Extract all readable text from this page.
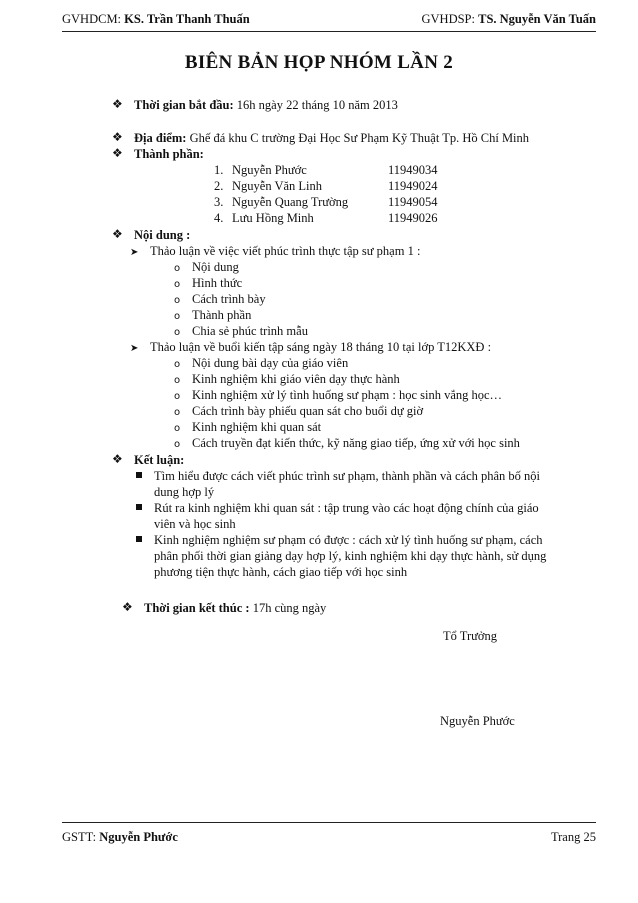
GVHDCM: KS. Trần Thanh Thuấn	GVHDSP: TS. Nguyễn Văn Tuấn
BIÊN BẢN HỌP NHÓM LẦN 2
❖Thời gian bắt đầu: 16h ngày 22 tháng 10 năm 2013
❖Địa điểm: Ghế đá khu C trường Đại Học Sư Phạm Kỹ Thuật Tp. Hồ Chí Minh
❖Thành phần:
1. Nguyễn Phước	11949034
2. Nguyễn Văn Linh	11949024
3. Nguyễn Quang Trường	11949054
4. Lưu Hồng Minh	11949026
❖Nội dung :
➤ Thảo luận về việc viết phúc trình thực tập sư phạm 1 :
o Nội dung
o Hình thức
o Cách trình bày
o Thành phần
o Chia sẻ phúc trình mẫu
➤ Thảo luận về buổi kiến tập sáng ngày 18 tháng 10 tại lớp T12KXĐ :
o Nội dung bài dạy của giáo viên
o Kinh nghiệm khi giáo viên dạy thực hành
o Kinh nghiệm xử lý tình huống sư phạm : học sinh vắng học…
o Cách trình bày phiếu quan sát cho buổi dự giờ
o Kinh nghiệm khi quan sát
o Cách truyền đạt kiến thức, kỹ năng giao tiếp, ứng xử với học sinh
❖Kết luận:
Tìm hiểu được cách viết phúc trình sư phạm, thành phần và cách phân bố nội
dung hợp lý
Rút ra kinh nghiệm khi quan sát : tập trung vào các hoạt động chính của giáo
viên và học sinh
Kinh nghiệm nghiệm sư phạm có được : cách xử lý tình huống sư phạm, cách
phân phối thời gian giảng dạy hợp lý, kinh nghiệm khi dạy thực hành, sử dụng
phương tiện thực hành, cách giao tiếp với học sinh
❖Thời gian kết thúc : 17h cùng ngày
Tổ Trưởng
Nguyễn Phước
GSTT: Nguyễn Phước	Trang 25
